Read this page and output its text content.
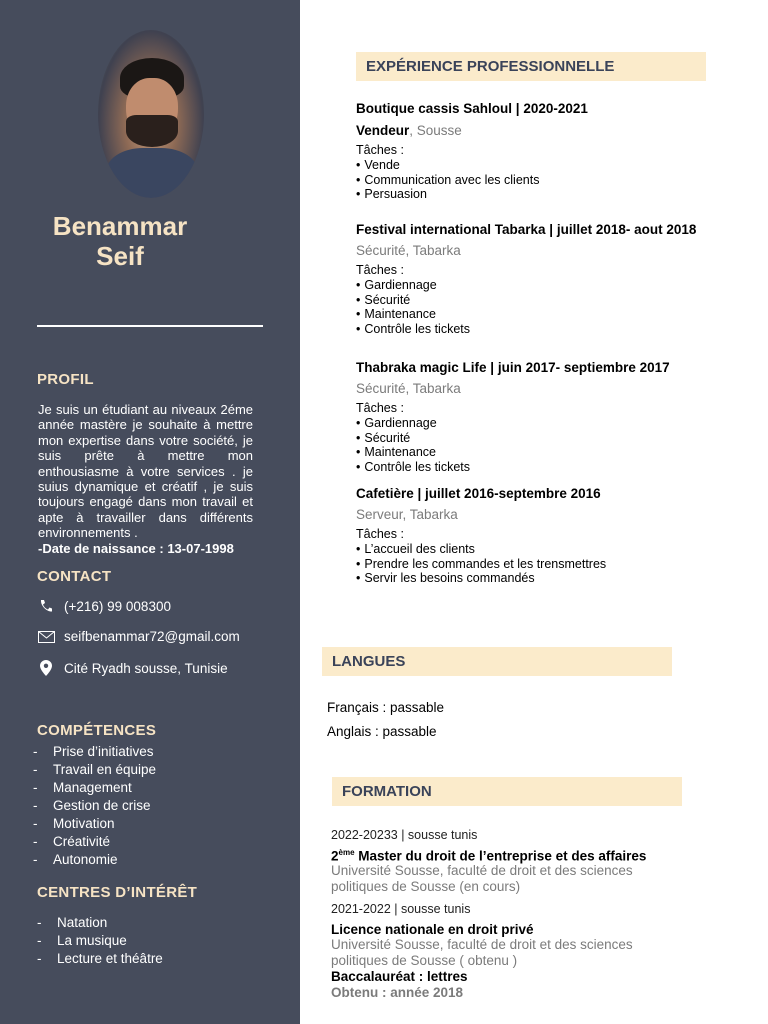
Benammar
Seif
PROFIL
Je suis un étudiant au niveaux 2éme année mastère je souhaite à mettre mon expertise dans votre société, je suis prête à mettre mon enthousiasme à votre services . je suius dynamique et créatif , je suis toujours engagé dans mon travail et apte à travailler dans différents environnements .
-Date de naissance : 13-07-1998
CONTACT
(+216) 99 008300
seifbenammar72@gmail.com
Cité Ryadh sousse, Tunisie
COMPÉTENCES
- Prise d’initiatives
- Travail en équipe
- Management
- Gestion de crise
- Motivation
- Créativité
- Autonomie
CENTRES D’INTÉRÊT
- Natation
- La musique
- Lecture et théâtre
EXPÉRIENCE PROFESSIONNELLE
Boutique cassis Sahloul | 2020-2021
Vendeur, Sousse
Tâches :
• Vende
• Communication avec les clients
• Persuasion
Festival international Tabarka | juillet 2018- aout 2018
Sécurité, Tabarka
Tâches :
• Gardiennage
• Sécurité
• Maintenance
• Contrôle les tickets
Thabraka magic Life | juin 2017- septiembre 2017
Sécurité, Tabarka
Tâches :
• Gardiennage
• Sécurité
• Maintenance
• Contrôle les tickets
Cafetière | juillet 2016-septembre 2016
Serveur, Tabarka
Tâches :
• L’accueil des clients
• Prendre les commandes et les trensmettres
• Servir les besoins commandés
LANGUES
Français : passable
Anglais : passable
FORMATION
2022-20233 | sousse tunis
2ème Master du droit de l’entreprise et des affaires
Université Sousse, faculté de droit et des sciences politiques de Sousse (en cours)
2021-2022 | sousse tunis
Licence nationale en droit privé
Université Sousse, faculté de droit et des sciences politiques de Sousse ( obtenu )
Baccalauréat : lettres
Obtenu : année 2018
